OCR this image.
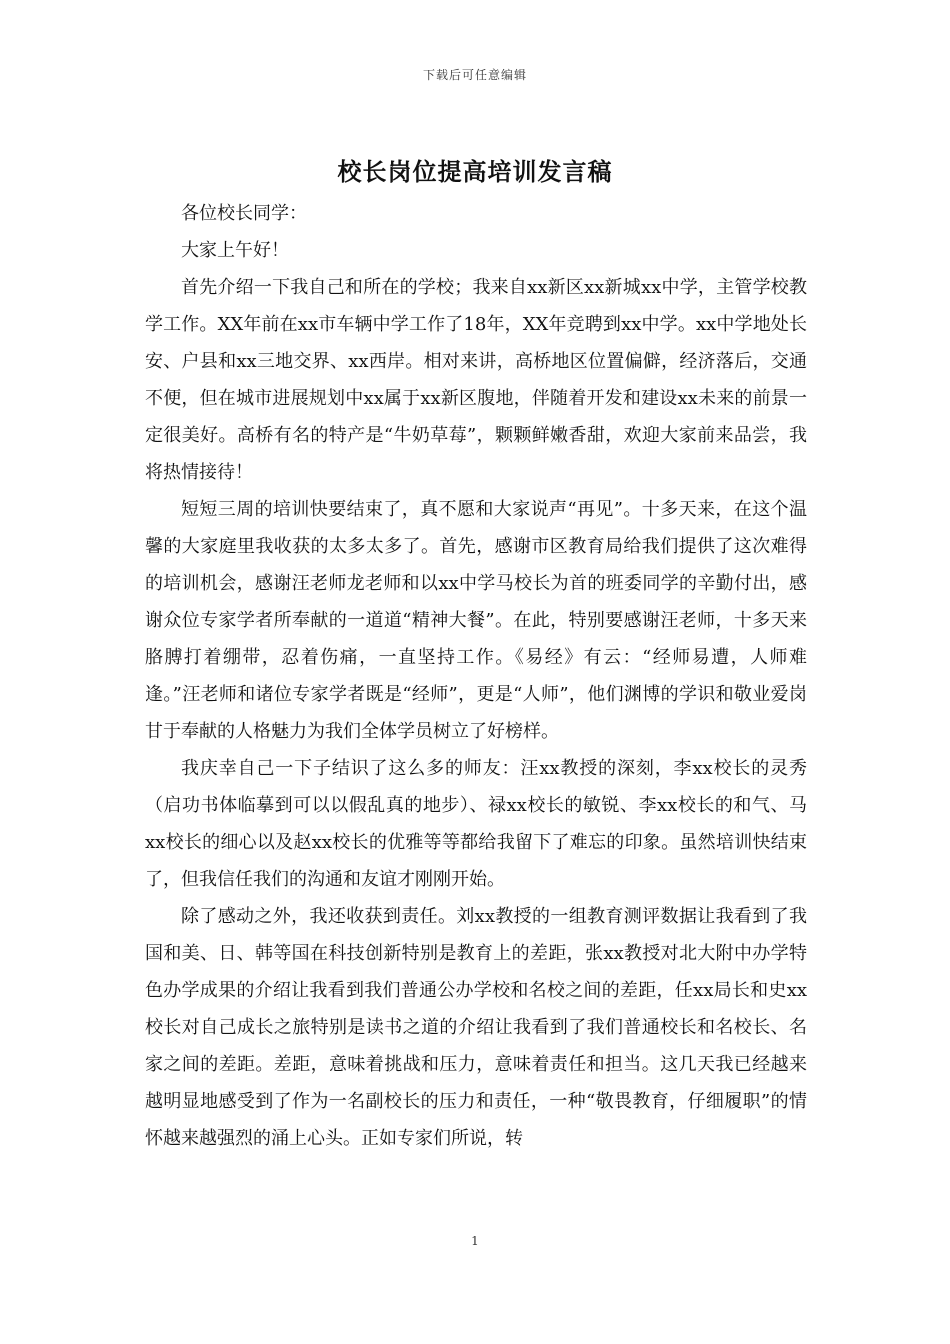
下载后可任意编辑
校长岗位提高培训发言稿

各位校长同学：

大家上午好！

首先介绍一下我自己和所在的学校；我来自xx新区xx新城xx中学，主管学校教学工作。XX年前在xx市车辆中学工作了18年，XX年竞聘到xx中学。xx中学地处长安、户县和xx三地交界、xx西岸。相对来讲，高桥地区位置偏僻，经济落后，交通不便，但在城市进展规划中xx属于xx新区腹地，伴随着开发和建设xx未来的前景一定很美好。高桥有名的特产是“牛奶草莓”，颗颗鲜嫩香甜，欢迎大家前来品尝，我将热情接待！

短短三周的培训快要结束了，真不愿和大家说声“再见”。十多天来，在这个温馨的大家庭里我收获的太多太多了。首先，感谢市区教育局给我们提供了这次难得的培训机会，感谢汪老师龙老师和以xx中学马校长为首的班委同学的辛勤付出，感谢众位专家学者所奉献的一道道“精神大餐”。在此，特别要感谢汪老师，十多天来胳膊打着绷带，忍着伤痛，一直坚持工作。《易经》有云：“经师易遭，人师难逢。”汪老师和诸位专家学者既是“经师”，更是“人师”，他们渊博的学识和敬业爱岗甘于奉献的人格魅力为我们全体学员树立了好榜样。

我庆幸自己一下子结识了这么多的师友：汪xx教授的深刻，李xx校长的灵秀（启功书体临摹到可以以假乱真的地步）、禄xx校长的敏锐、李xx校长的和气、马xx校长的细心以及赵xx校长的优雅等等都给我留下了难忘的印象。虽然培训快结束了，但我信任我们的沟通和友谊才刚刚开始。

除了感动之外，我还收获到责任。刘xx教授的一组教育测评数据让我看到了我国和美、日、韩等国在科技创新特别是教育上的差距，张xx教授对北大附中办学特色办学成果的介绍让我看到我们普通公办学校和名校之间的差距，任xx局长和史xx校长对自己成长之旅特别是读书之道的介绍让我看到了我们普通校长和名校长、名家之间的差距。差距，意味着挑战和压力，意味着责任和担当。这几天我已经越来越明显地感受到了作为一名副校长的压力和责任，一种“敬畏教育，仔细履职”的情怀越来越强烈的涌上心头。正如专家们所说，转

1
